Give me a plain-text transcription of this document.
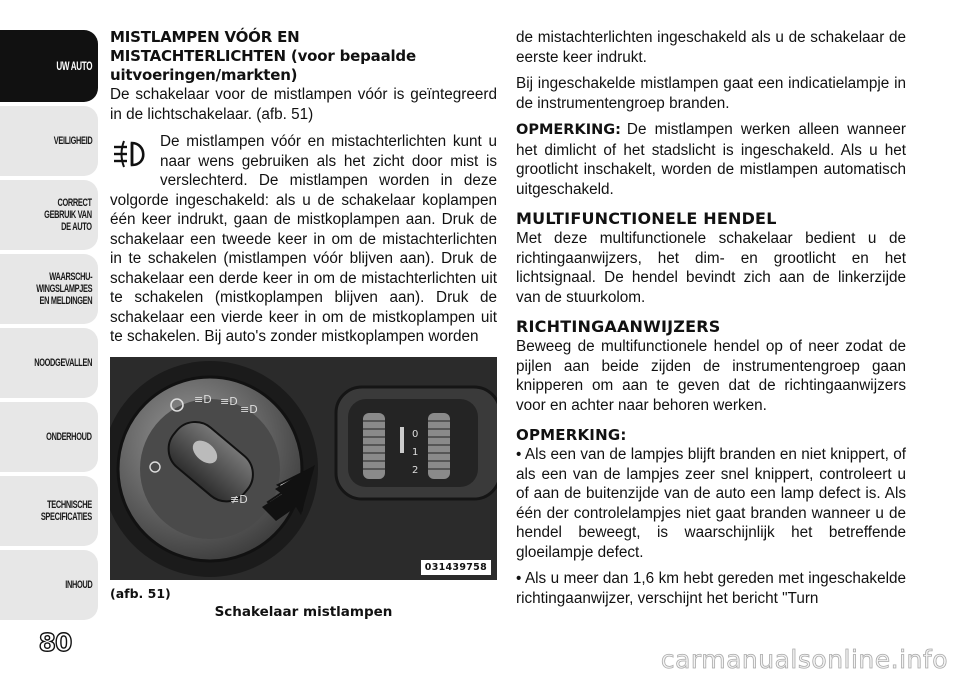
UW AUTO
VEILIGHEID
CORRECT
GEBRUIK VAN
DE AUTO
WAARSCHU-
WINGSLAMPJES
EN MELDINGEN
NOODGEVALLEN
ONDERHOUD
TECHNISCHE
SPECIFICATIES
INHOUD
80
MISTLAMPEN VÓÓR EN
MISTACHTERLICHTEN (voor bepaalde
uitvoeringen/markten)

De schakelaar voor de mistlampen vóór is geïntegreerd in de lichtschakelaar. (afb. 51)

De mistlampen vóór en mistachterlichten kunt u naar wens gebruiken als het zicht door mist is verslechterd. De mistlampen worden in deze volgorde ingeschakeld: als u de schakelaar koplampen één keer indrukt, gaan de mistkoplampen aan. Druk de schakelaar een tweede keer in om de mistachterlichten in te schakelen (mistlampen vóór blijven aan). Druk de schakelaar een derde keer in om de mistachterlichten uit te schakelen (mistkoplampen blijven aan). Druk de schakelaar een vierde keer in om de mistkoplampen uit te schakelen. Bij auto's zonder mistkoplampen worden

≡D ≡D
≡D
≢D
0
1
2
031439758
(afb. 51)
Schakelaar mistlampen

de mistachterlichten ingeschakeld als u de schakelaar de eerste keer indrukt.

Bij ingeschakelde mistlampen gaat een indicatielampje in de instrumentengroep branden.

OPMERKING: De mistlampen werken alleen wanneer het dimlicht of het stadslicht is ingeschakeld. Als u het grootlicht inschakelt, worden de mistlampen automatisch uitgeschakeld.

MULTIFUNCTIONELE HENDEL

Met deze multifunctionele schakelaar bedient u de richtingaanwijzers, het dim- en grootlicht en het lichtsignaal. De hendel bevindt zich aan de linkerzijde van de stuurkolom.

RICHTINGAANWIJZERS

Beweeg de multifunctionele hendel op of neer zodat de pijlen aan beide zijden de instrumentengroep gaan knipperen om aan te geven dat de richtingaanwijzers voor en achter naar behoren werken.

OPMERKING:

• Als een van de lampjes blijft branden en niet knippert, of als een van de lampjes zeer snel knippert, controleert u of aan de buitenzijde van de auto een lamp defect is. Als één der controlelampjes niet gaat branden wanneer u de hendel beweegt, is waarschijnlijk het betreffende gloeilampje defect.

• Als u meer dan 1,6 km hebt gereden met ingeschakelde richtingaanwijzer, verschijnt het bericht "Turn

carmanualsonline.info
